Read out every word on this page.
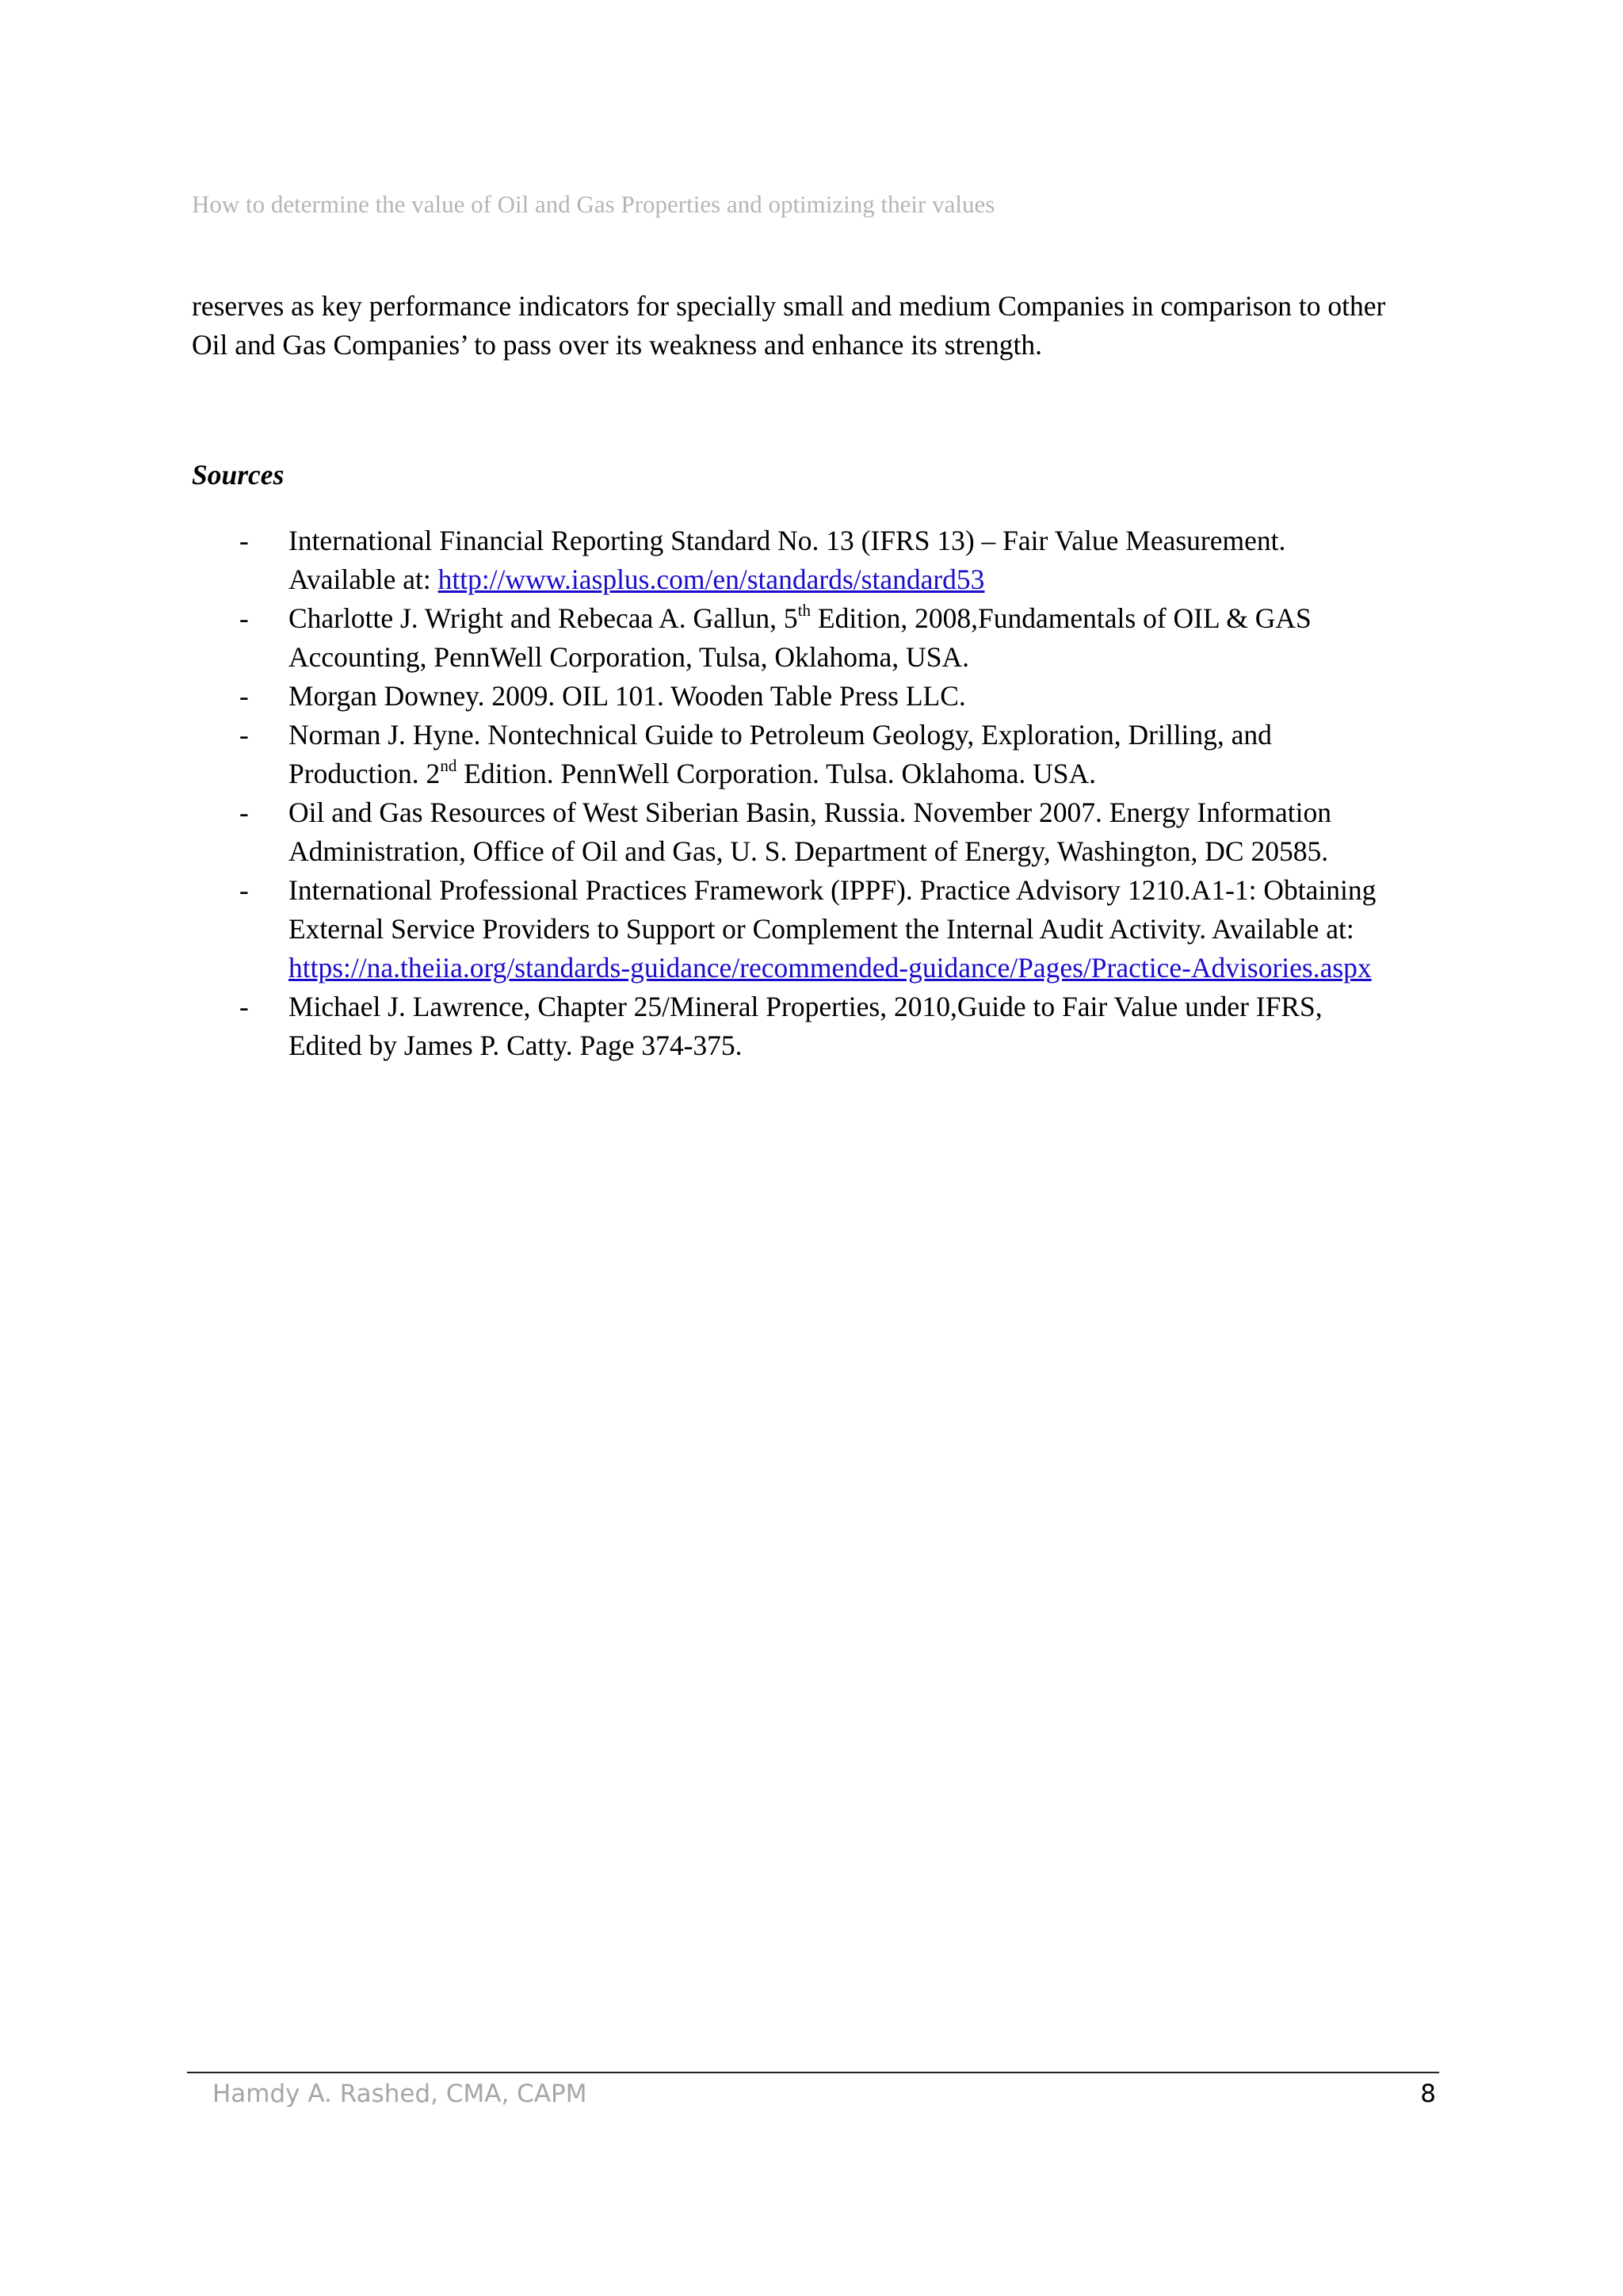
How to determine the value of Oil and Gas Properties and optimizing their values
reserves as key performance indicators for specially small and medium Companies in comparison to other
Oil and Gas Companies’ to pass over its weakness and enhance its strength.
Sources
- International Financial Reporting Standard No. 13 (IFRS 13) – Fair Value Measurement.
Available at: http://www.iasplus.com/en/standards/standard53
- Charlotte J. Wright and Rebecaa A. Gallun, 5th Edition, 2008,Fundamentals of OIL & GAS
Accounting, PennWell Corporation, Tulsa, Oklahoma, USA.
- Morgan Downey. 2009. OIL 101. Wooden Table Press LLC.
- Norman J. Hyne. Nontechnical Guide to Petroleum Geology, Exploration, Drilling, and
Production. 2nd Edition. PennWell Corporation. Tulsa. Oklahoma. USA.
- Oil and Gas Resources of West Siberian Basin, Russia. November 2007. Energy Information
Administration, Office of Oil and Gas, U. S. Department of Energy, Washington, DC 20585.
- International Professional Practices Framework (IPPF). Practice Advisory 1210.A1-1: Obtaining
External Service Providers to Support or Complement the Internal Audit Activity. Available at:
https://na.theiia.org/standards-guidance/recommended-guidance/Pages/Practice-Advisories.aspx
- Michael J. Lawrence, Chapter 25/Mineral Properties, 2010,Guide to Fair Value under IFRS,
Edited by James P. Catty. Page 374-375.
Hamdy A. Rashed, CMA, CAPM	8
